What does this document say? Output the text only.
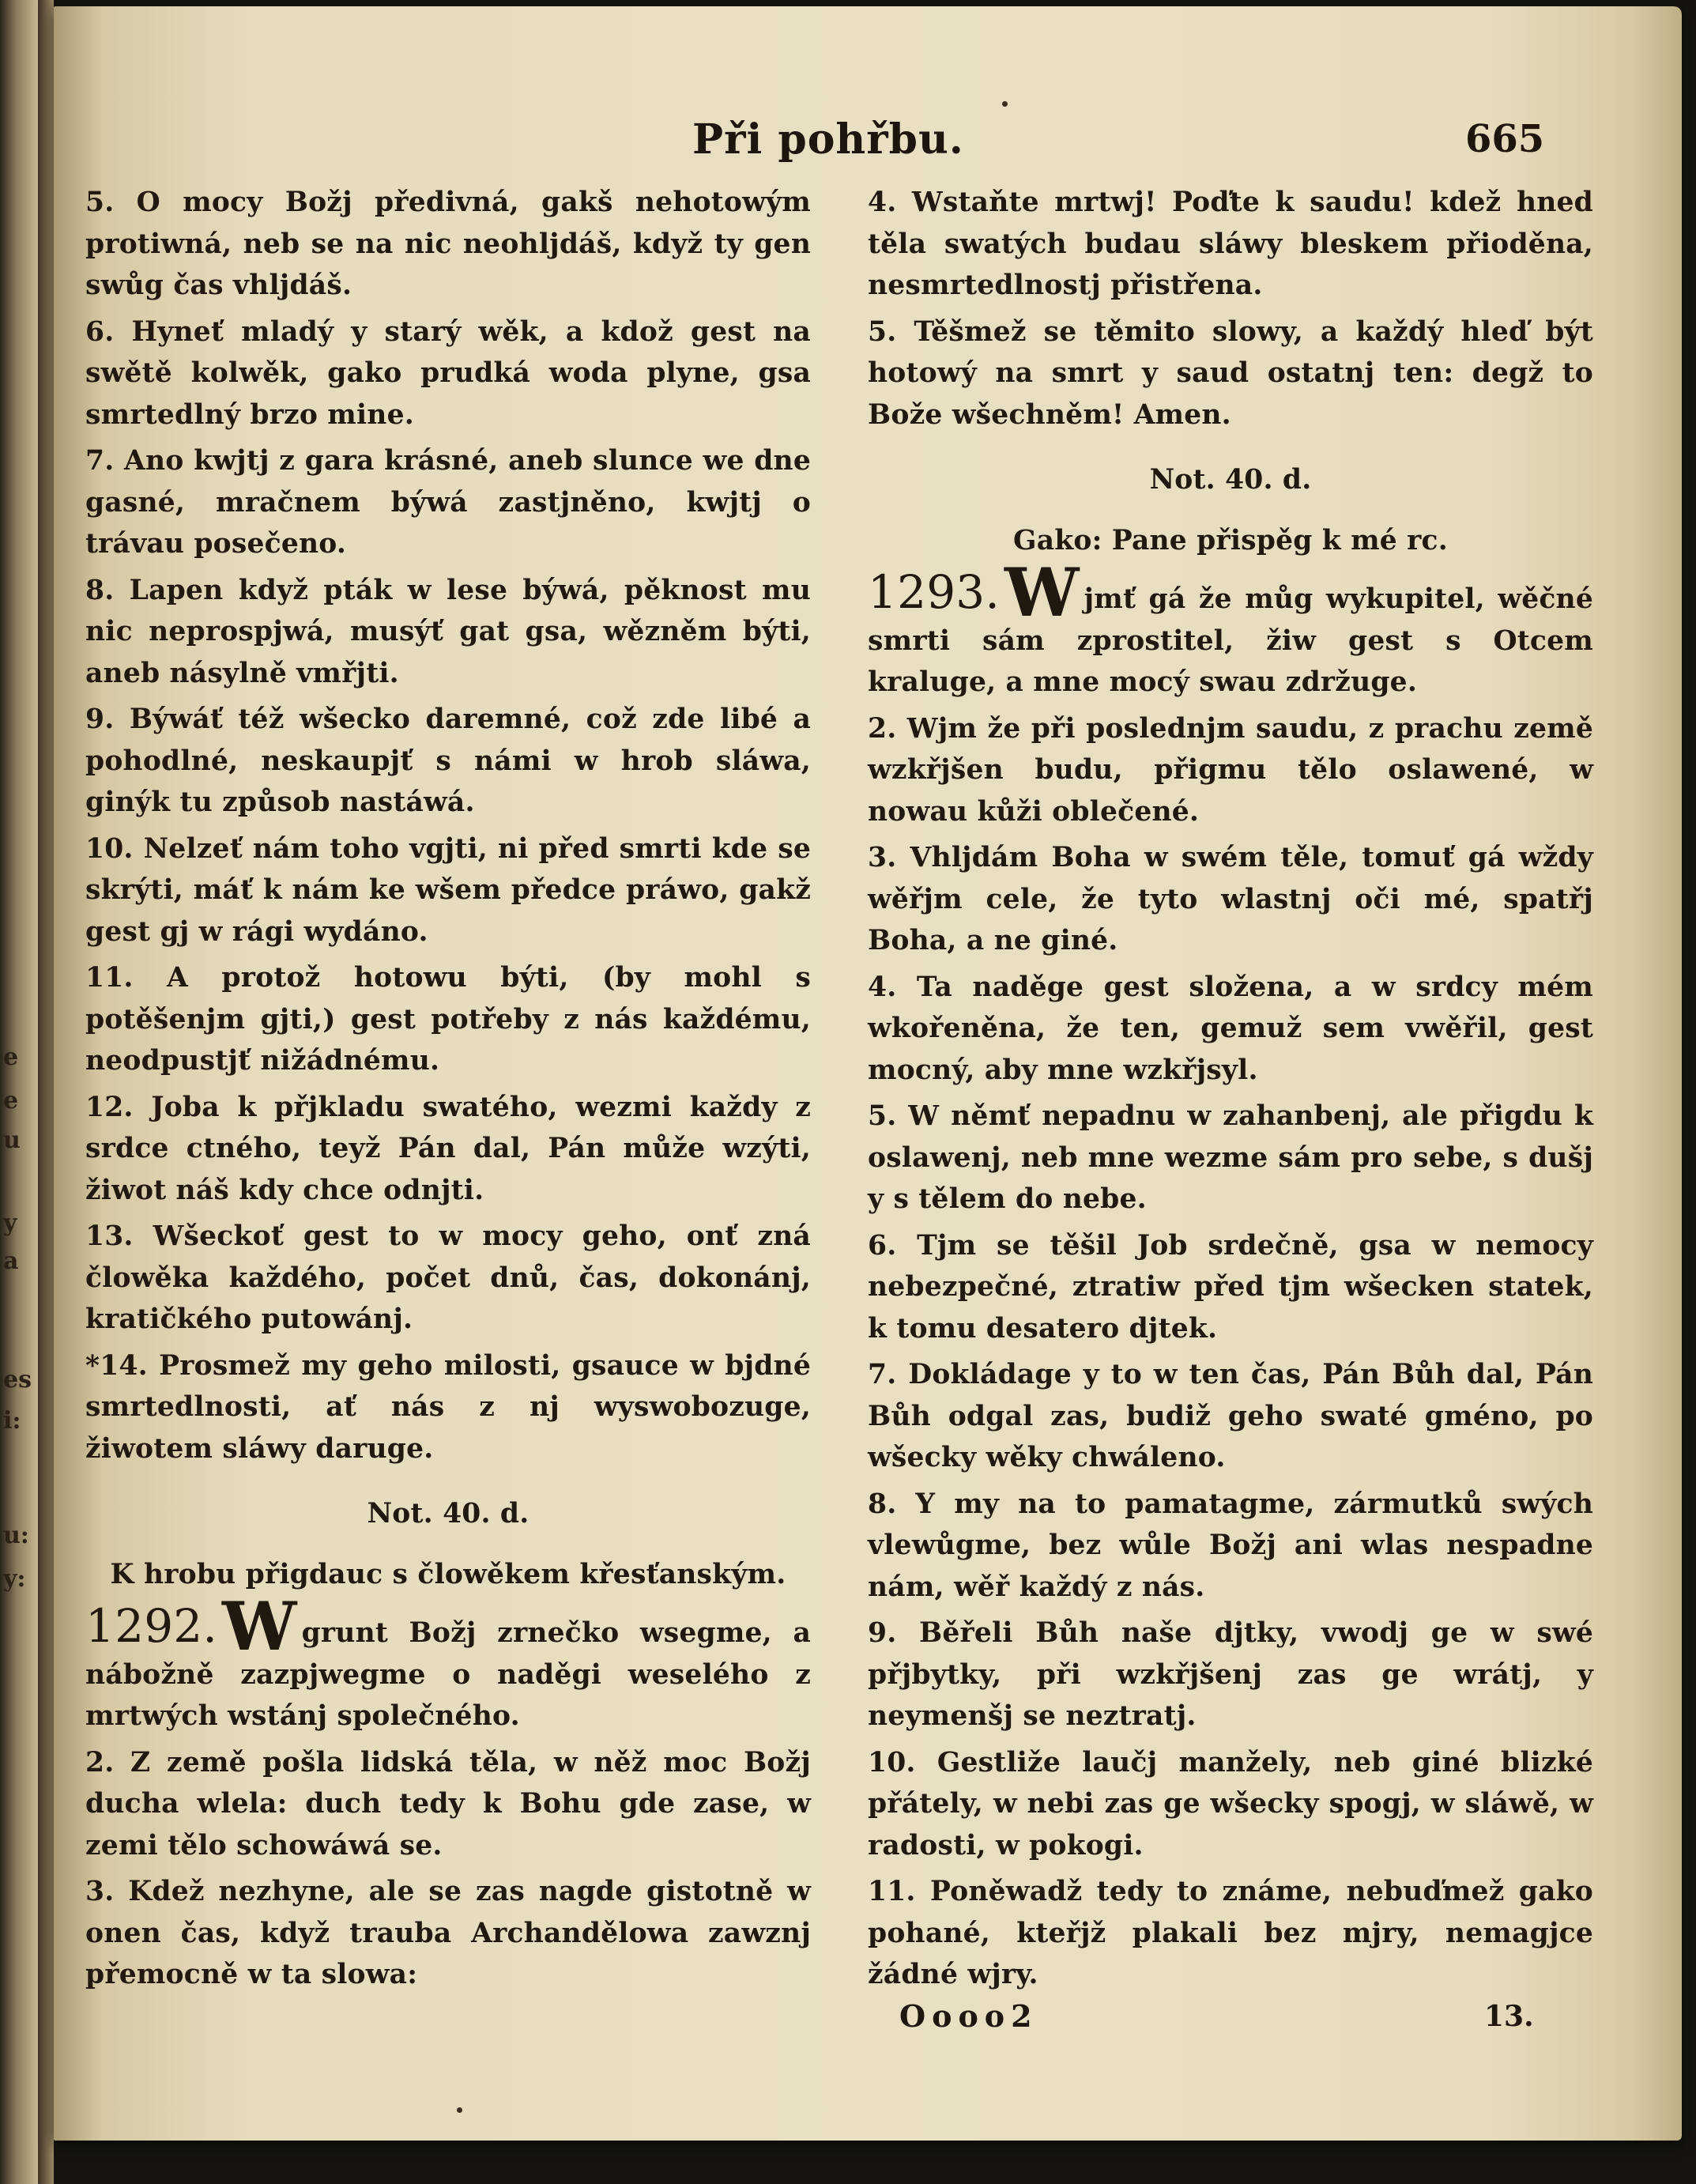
e
e
u
y
a
es
i:
u:
y:
Při pohřbu.	665

5. O mocy Božj předivná, gakš nehotowým protiwná, neb se na nic neohljdáš, když ty gen swůg čas vhljdáš.

6. Hyneť mladý y starý wěk, a kdož gest na swětě kolwěk, gako prudká woda plyne, gsa smrtedlný brzo mine.

7. Ano kwjtj z gara krásné, aneb slunce we dne gasné, mračnem býwá zastjněno, kwjtj o trávau posečeno.

8. Lapen když pták w lese býwá, pěknost mu nic neprospjwá, musýť gat gsa, wězněm býti, aneb násylně vmřjti.

9. Býwáť též wšecko daremné, což zde libé a pohodlné, neskaupjť s námi w hrob sláwa, ginýk tu způsob nastáwá.

10. Nelzeť nám toho vgjti, ni před smrti kde se skrýti, máť k nám ke wšem předce práwo, gakž gest gj w rági wydáno.

11. A protož hotowu býti, (by mohl s potěšenjm gjti,) gest potřeby z nás každému, neodpustjť nižádnému.

12. Joba k přjkladu swatého, wezmi každy z srdce ctného, teyž Pán dal, Pán může wzýti, žiwot náš kdy chce odnjti.

13. Wšeckoť gest to w mocy geho, onť zná člowěka každého, počet dnů, čas, dokonánj, kratičkého putowánj.

*14. Prosmež my geho milosti, gsauce w bjdné smrtedlnosti, ať nás z nj wyswobozuge, žiwotem sláwy daruge.

Not. 40. d.

K hrobu přigdauc s člowěkem křesťanským.

1292.W grunt Božj zrnečko wsegme, a nábožně zazpjwegme o naděgi weselého z mrtwých wstánj společného.

2. Z země pošla lidská těla, w něž moc Božj ducha wlela: duch tedy k Bohu gde zase, w zemi tělo schowáwá se.

3. Kdež nezhyne, ale se zas nagde gistotně w onen čas, když trauba Archandělowa zawznj přemocně w ta slowa:

4. Wstaňte mrtwj! Poďte k saudu! kdež hned těla swatých budau sláwy bleskem přioděna, nesmrtedlnostj přistřena.

5. Těšmež se těmito slowy, a každý hleď být hotowý na smrt y saud ostatnj ten: degž to Bože wšechněm! Amen.

Not. 40. d.

Gako: Pane přispěg k mé rc.

1293.W jmť gá že můg wykupitel, wěčné smrti sám zprostitel, žiw gest s Otcem kraluge, a mne mocý swau zdržuge.

2. Wjm že při poslednjm saudu, z prachu země wzkřjšen budu, přigmu tělo oslawené, w nowau kůži oblečené.

3. Vhljdám Boha w swém těle, tomuť gá wždy wěřjm cele, že tyto wlastnj oči mé, spatřj Boha, a ne giné.

4. Ta naděge gest složena, a w srdcy mém wkořeněna, že ten, gemuž sem vwěřil, gest mocný, aby mne wzkřjsyl.

5. W němť nepadnu w zahanbenj, ale přigdu k oslawenj, neb mne wezme sám pro sebe, s dušj y s tělem do nebe.

6. Tjm se těšil Job srdečně, gsa w nemocy nebezpečné, ztratiw před tjm wšecken statek, k tomu desatero djtek.

7. Dokládage y to w ten čas, Pán Bůh dal, Pán Bůh odgal zas, budiž geho swaté gméno, po wšecky wěky chwáleno.

8. Y my na to pamatagme, zármutků swých vlewůgme, bez wůle Božj ani wlas nespadne nám, wěř každý z nás.

9. Běřeli Bůh naše djtky, vwodj ge w swé přjbytky, při wzkřjšenj zas ge wrátj, y neymenšj se neztratj.

10. Gestliže laučj manžely, neb giné blizké přátely, w nebi zas ge wšecky spogj, w sláwě, w radosti, w pokogi.

11. Poněwadž tedy to známe, nebuďmež gako pohané, kteřjž plakali bez mjry, nemagjce žádné wjry.

Oooo2	13.
